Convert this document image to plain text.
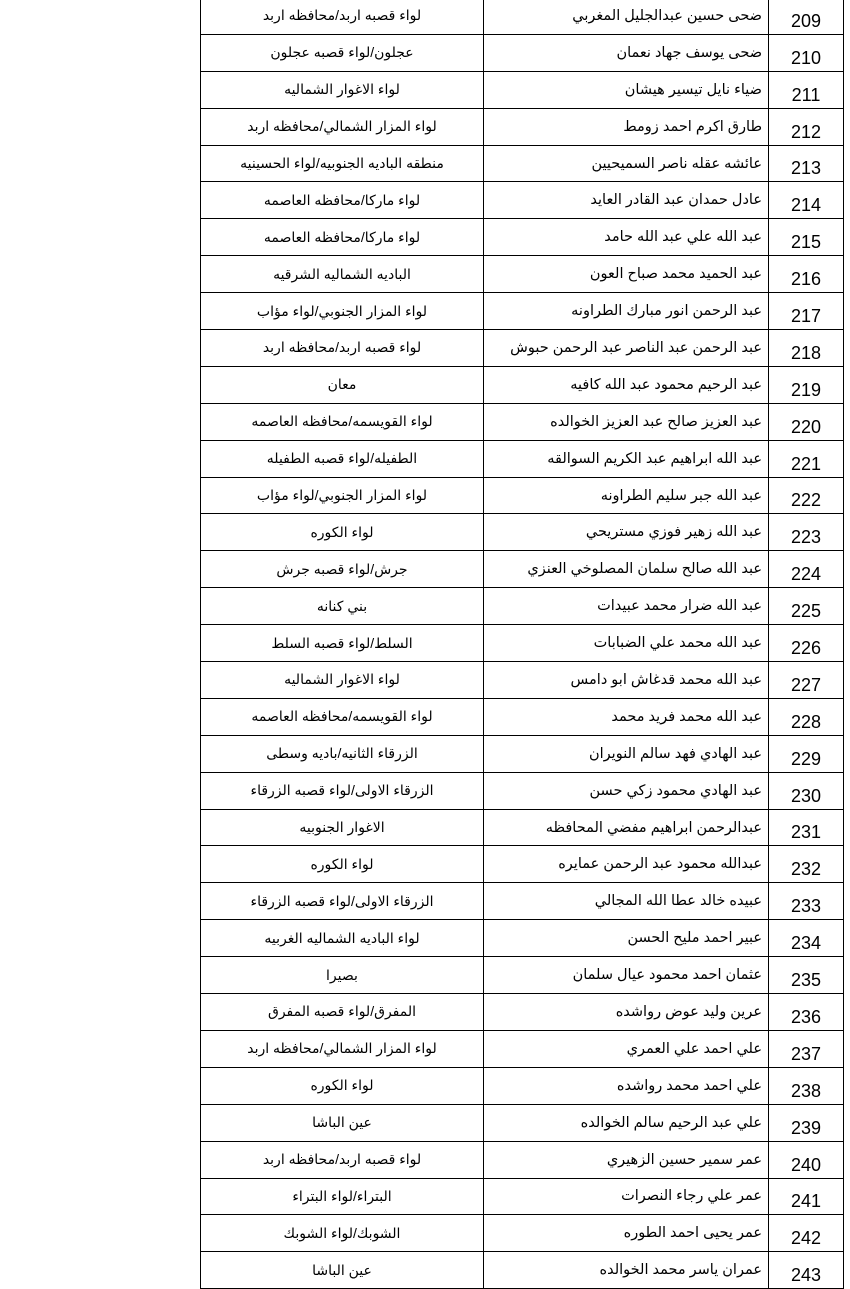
لواء قصبه اربد/محافظه اربد	ضحى حسين عبدالجليل المغربي	209
عجلون/لواء قصبه عجلون	ضحى يوسف جهاد نعمان	210
لواء الاغوار الشماليه	ضياء نايل تيسير هيشان	211
لواء المزار الشمالي/محافظه اربد	طارق اكرم احمد زومط	212
منطقه الباديه الجنوبيه/لواء الحسينيه	عائشه عقله ناصر السميحيين	213
لواء ماركا/محافظه العاصمه	عادل حمدان عبد القادر العايد	214
لواء ماركا/محافظه العاصمه	عبد الله علي عبد الله حامد	215
الباديه الشماليه الشرقيه	عبد الحميد محمد صباح العون	216
لواء المزار الجنوبي/لواء مؤاب	عبد الرحمن انور مبارك الطراونه	217
لواء قصبه اربد/محافظه اربد	عبد الرحمن عبد الناصر عبد الرحمن حبوش	218
معان	عبد الرحيم محمود عبد الله كافيه	219
لواء القويسمه/محافظه العاصمه	عبد العزيز صالح عبد العزيز الخوالده	220
الطفيله/لواء قصبه الطفيله	عبد الله ابراهيم عبد الكريم السوالقه	221
لواء المزار الجنوبي/لواء مؤاب	عبد الله جبر سليم الطراونه	222
لواء الكوره	عبد الله زهير فوزي مستريحي	223
جرش/لواء قصبه جرش	عبد الله صالح سلمان المصلوخي العنزي	224
بني كنانه	عبد الله ضرار محمد عبيدات	225
السلط/لواء قصبه السلط	عبد الله محمد علي الضبابات	226
لواء الاغوار الشماليه	عبد الله محمد قدغاش ابو دامس	227
لواء القويسمه/محافظه العاصمه	عبد الله محمد فريد محمد	228
الزرقاء الثانيه/باديه وسطى	عبد الهادي فهد سالم النويران	229
الزرقاء الاولى/لواء قصبه الزرقاء	عبد الهادي محمود زكي حسن	230
الاغوار الجنوبيه	عبدالرحمن ابراهيم مفضي المحافظه	231
لواء الكوره	عبدالله محمود عبد الرحمن عمايره	232
الزرقاء الاولى/لواء قصبه الزرقاء	عبيده خالد عطا الله المجالي	233
لواء الباديه الشماليه الغربيه	عبير احمد مليح الحسن	234
بصيرا	عثمان احمد محمود عيال سلمان	235
المفرق/لواء قصبه المفرق	عرين وليد عوض رواشده	236
لواء المزار الشمالي/محافظه اربد	علي احمد علي العمري	237
لواء الكوره	علي احمد محمد رواشده	238
عين الباشا	علي عبد الرحيم سالم الخوالده	239
لواء قصبه اربد/محافظه اربد	عمر سمير حسين الزهيري	240
البتراء/لواء البتراء	عمر علي رجاء النصرات	241
الشوبك/لواء الشوبك	عمر يحيى احمد الطوره	242
عين الباشا	عمران ياسر محمد الخوالده	243
